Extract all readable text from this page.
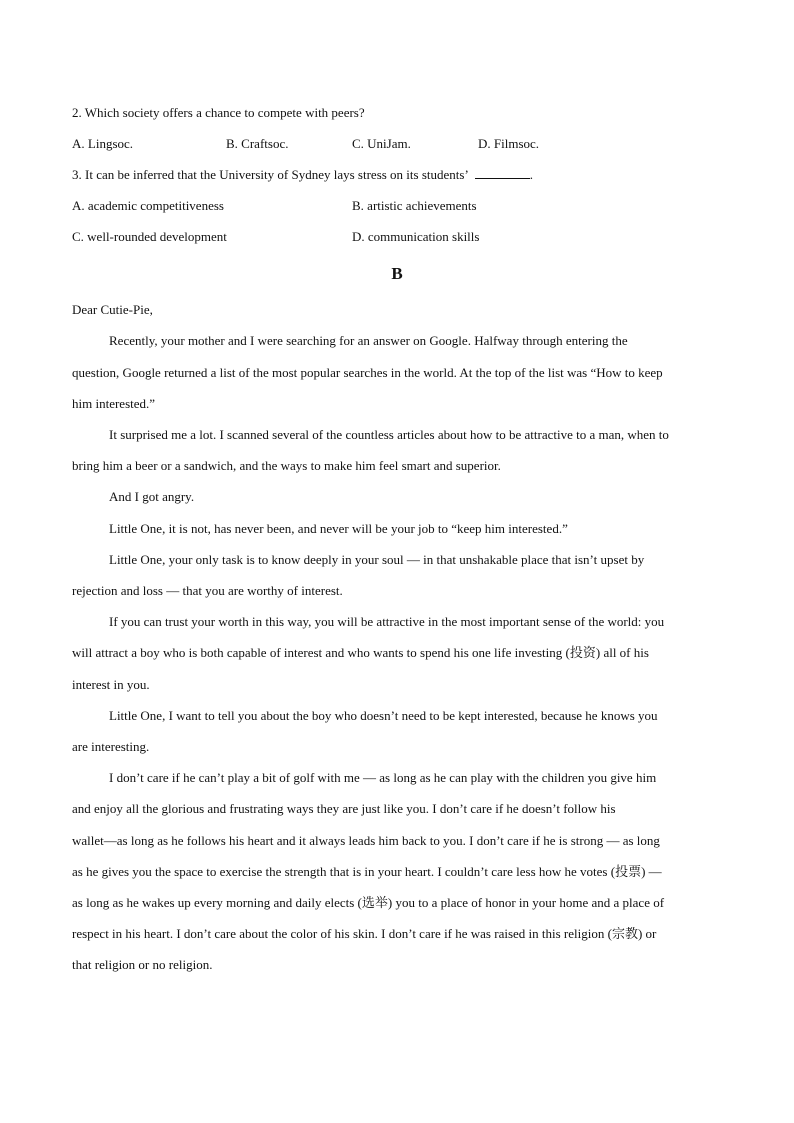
2. Which society offers a chance to compete with peers?
A. Lingsoc.	B. Craftsoc.	C. UniJam.	D. Filmsoc.
3. It can be inferred that the University of Sydney lays stress on its students’	.
A. academic competitiveness	B. artistic achievements
C. well-rounded development	D. communication skills
B
Dear Cutie-Pie,
Recently, your mother and I were searching for an answer on Google. Halfway through entering the
question, Google returned a list of the most popular searches in the world. At the top of the list was “How to keep
him interested.”
It surprised me a lot. I scanned several of the countless articles about how to be attractive to a man, when to
bring him a beer or a sandwich, and the ways to make him feel smart and superior.
And I got angry.
Little One, it is not, has never been, and never will be your job to “keep him interested.”
Little One, your only task is to know deeply in your soul — in that unshakable place that isn’t upset by
rejection and loss — that you are worthy of interest.
If you can trust your worth in this way, you will be attractive in the most important sense of the world: you
will attract a boy who is both capable of interest and who wants to spend his one life investing (投资) all of his
interest in you.
Little One, I want to tell you about the boy who doesn’t need to be kept interested, because he knows you
are interesting.
I don’t care if he can’t play a bit of golf with me — as long as he can play with the children you give him
and enjoy all the glorious and frustrating ways they are just like you. I don’t care if he doesn’t follow his
wallet—as long as he follows his heart and it always leads him back to you. I don’t care if he is strong — as long
as he gives you the space to exercise the strength that is in your heart. I couldn’t care less how he votes (投票) —
as long as he wakes up every morning and daily elects (选举) you to a place of honor in your home and a place of
respect in his heart. I don’t care about the color of his skin. I don’t care if he was raised in this religion (宗教) or
that religion or no religion.
